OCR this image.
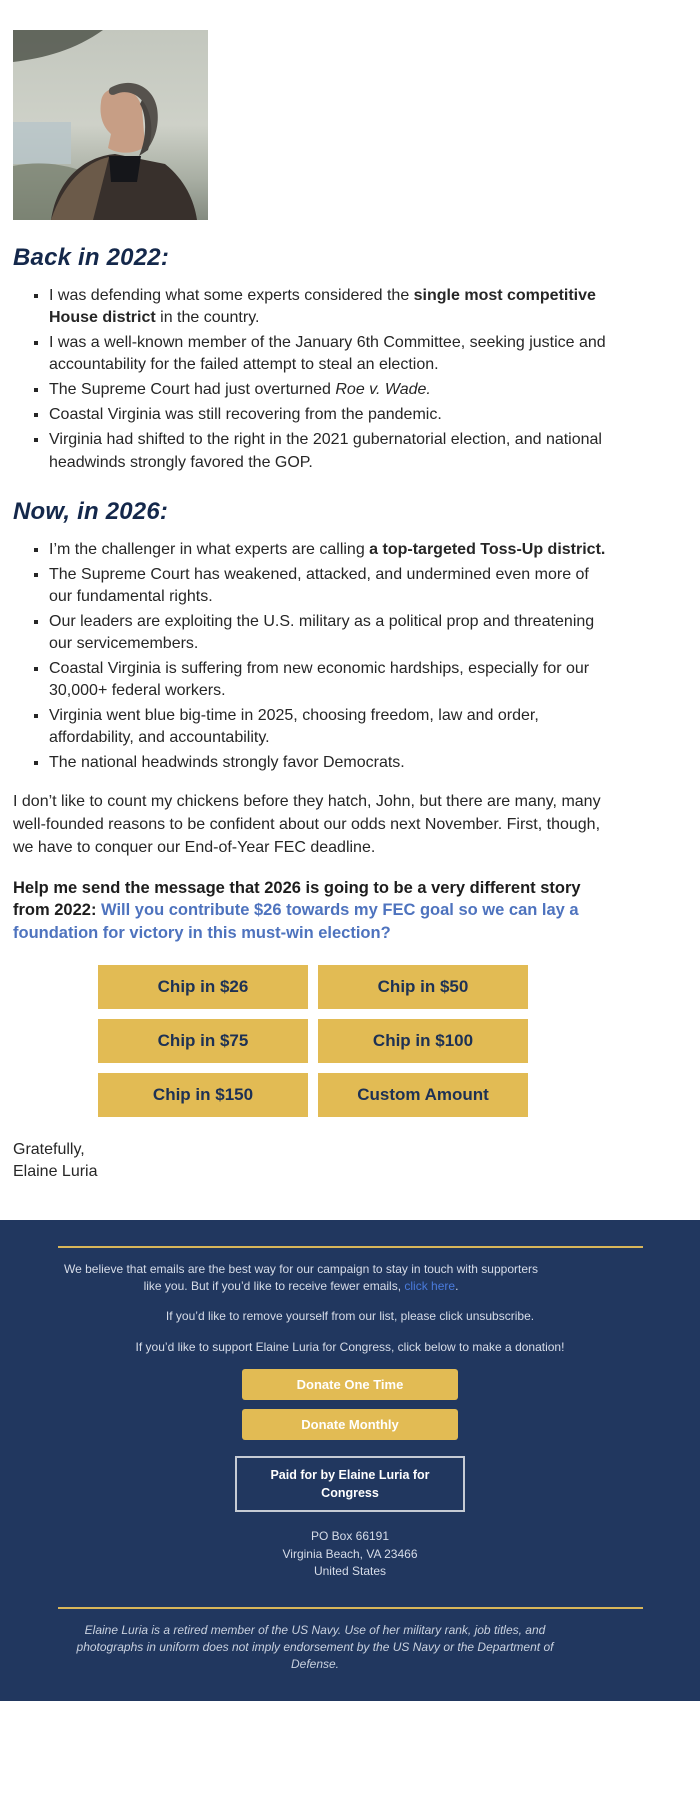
Back in 2022:
▪ I was defending what some experts considered the single most competitive House district in the country.
▪ I was a well-known member of the January 6th Committee, seeking justice and accountability for the failed attempt to steal an election.
▪ The Supreme Court had just overturned Roe v. Wade.
▪ Coastal Virginia was still recovering from the pandemic.
▪ Virginia had shifted to the right in the 2021 gubernatorial election, and national headwinds strongly favored the GOP.
Now, in 2026:
▪ I’m the challenger in what experts are calling a top-targeted Toss-Up district.
▪ The Supreme Court has weakened, attacked, and undermined even more of our fundamental rights.
▪ Our leaders are exploiting the U.S. military as a political prop and threatening our servicemembers.
▪ Coastal Virginia is suffering from new economic hardships, especially for our 30,000+ federal workers.
▪ Virginia went blue big-time in 2025, choosing freedom, law and order, affordability, and accountability.
▪ The national headwinds strongly favor Democrats.

I don’t like to count my chickens before they hatch, John, but there are many, many well-founded reasons to be confident about our odds next November. First, though, we have to conquer our End-of-Year FEC deadline.

Help me send the message that 2026 is going to be a very different story from 2022: Will you contribute $26 towards my FEC goal so we can lay a foundation for victory in this must-win election?

Chip in $26	Chip in $50
Chip in $75	Chip in $100
Chip in $150	Custom Amount
Gratefully,
Elaine Luria

We believe that emails are the best way for our campaign to stay in touch with supporters like you. But if you’d like to receive fewer emails, click here.

If you’d like to remove yourself from our list, please click unsubscribe.

If you’d like to support Elaine Luria for Congress, click below to make a donation!

Donate One Time
Donate Monthly
Paid for by Elaine Luria for Congress
PO Box 66191
Virginia Beach, VA 23466
United States

Elaine Luria is a retired member of the US Navy. Use of her military rank, job titles, and photographs in uniform does not imply endorsement by the US Navy or the Department of Defense.
